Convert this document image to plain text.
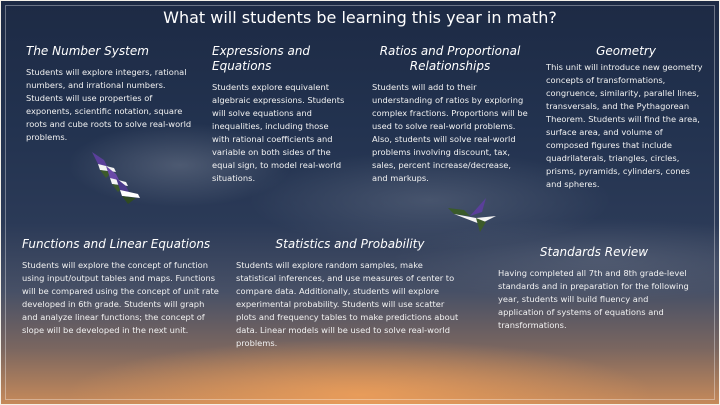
What will students be learning this year in math?
The Number System

Students will explore integers, rational numbers, and irrational numbers. Students will use properties of exponents, scientific notation, square roots and cube roots to solve real-world problems.

Expressions and Equations

Students explore equivalent algebraic expressions. Students will solve equations and inequalities, including those with rational coefficients and variable on both sides of the equal sign, to model real-world situations.

Ratios and Proportional Relationships

Students will add to their understanding of ratios by exploring complex fractions. Proportions will be used to solve real-world problems. Also, students will solve real-world problems involving discount, tax, sales, percent increase/decrease, and markups.

Geometry

This unit will introduce new geometry concepts of transformations, congruence, similarity, parallel lines, transversals, and the Pythagorean Theorem. Students will find the area, surface area, and volume of composed figures that include quadrilaterals, triangles, circles, prisms, pyramids, cylinders, cones and spheres.

Functions and Linear Equations

Students will explore the concept of function using input/output tables and maps. Functions will be compared using the concept of unit rate developed in 6th grade. Students will graph and analyze linear functions; the concept of slope will be developed in the next unit.

Statistics and Probability

Students will explore random samples, make statistical inferences, and use measures of center to compare data. Additionally, students will explore experimental probability. Students will use scatter plots and frequency tables to make predictions about data. Linear models will be used to solve real-world problems.

Standards Review

Having completed all 7th and 8th grade-level standards and in preparation for the following year, students will build fluency and application of systems of equations and transformations.
